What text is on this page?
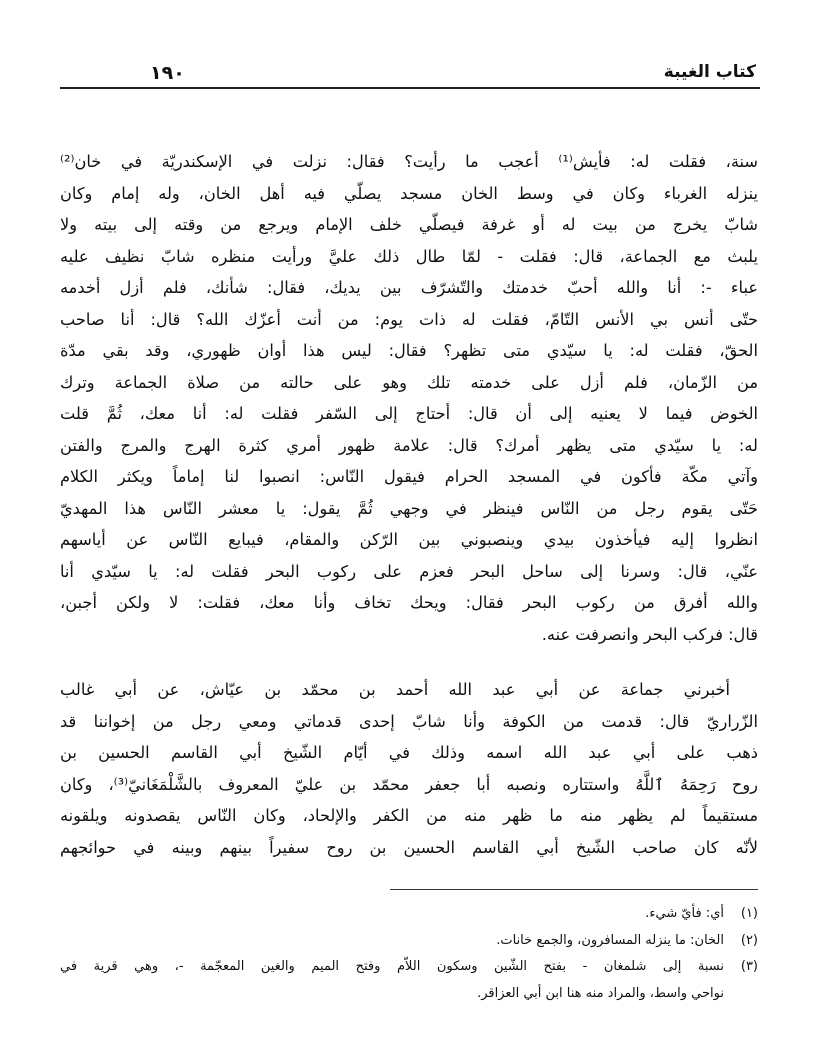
١٩٠	كتاب الغيبة
سنة، فقلت له: فأيش⁽¹⁾ أعجب ما رأيت؟ فقال: نزلت في الإسكندريّة في خان⁽²⁾
ينزله الغرباء وكان في وسط الخان مسجد يصلّي فيه أهل الخان، وله إمام وكان
شابّ يخرج من بيت له أو غرفة فيصلّي خلف الإمام ويرجع من وقته إلى بيته ولا
يلبث مع الجماعة، قال: فقلت - لمّا طال ذلك عليَّ ورأيت منظره شابّ نظيف عليه
عباء -: أنا والله أحبّ خدمتك والتّشرّف بين يديك، فقال: شأنك، فلم أزل أخدمه
حتّى أنس بي الأنس التّامّ، فقلت له ذات يوم: من أنت أعزّك الله؟ قال: أنا صاحب
الحقّ، فقلت له: يا سيّدي متى تظهر؟ فقال: ليس هذا أوان ظهوري، وقد بقي مدّة
من الزّمان، فلم أزل على خدمته تلك وهو على حالته من صلاة الجماعة وترك
الخوض فيما لا يعنيه إلى أن قال: أحتاج إلى السّفر فقلت له: أنا معك، ثُمَّ قلت
له: يا سيّدي متى يظهر أمرك؟ قال: علامة ظهور أمري كثرة الهرج والمرج والفتن
وآتي مكّة فأكون في المسجد الحرام فيقول النّاس: انصبوا لنا إماماً ويكثر الكلام
حَتّى يقوم رجل من النّاس فينظر في وجهي ثُمَّ يقول: يا معشر النّاس هذا المهديّ
انظروا إليه فيأخذون بيدي وينصبوني بين الرّكن والمقام، فيبايع النّاس عن أياسهم
عنّي، قال: وسرنا إلى ساحل البحر فعزم على ركوب البحر فقلت له: يا سيّدي أنا
والله أفرق من ركوب البحر فقال: ويحك تخاف وأنا معك، فقلت: لا ولكن أجبن،
قال: فركب البحر وانصرفت عنه.
أخبرني جماعة عن أبي عبد الله أحمد بن محمّد بن عيّاش، عن أبي غالب
الزّراريّ قال: قدمت من الكوفة وأنا شابّ إحدى قدماتي ومعي رجل من إخواننا قد
ذهب على أبي عبد الله اسمه وذلك في أيّام الشّيخ أبي القاسم الحسين بن
روح رَحِمَهُ ٱللَّهُ واستتاره ونصبه أبا جعفر محمّد بن عليّ المعروف بالشَّلْمَغَانيّ⁽³⁾، وكان
مستقيماً لم يظهر منه ما ظهر منه من الكفر والإلحاد، وكان النّاس يقصدونه ويلقونه
لأنّه كان صاحب الشّيخ أبي القاسم الحسين بن روح سفيراً بينهم وبينه في حوائجهم
(١)
أي: فأيّ شيء.
(٢)
الخان: ما ينزله المسافرون، والجمع خانات.
(٣)
نسبة إلى شلمغان - بفتح الشّين وسكون اللاّم وفتح الميم والغين المعجّمة -، وهي قرية في
نواحي واسط، والمراد منه هنا ابن أبي العزاقر.
